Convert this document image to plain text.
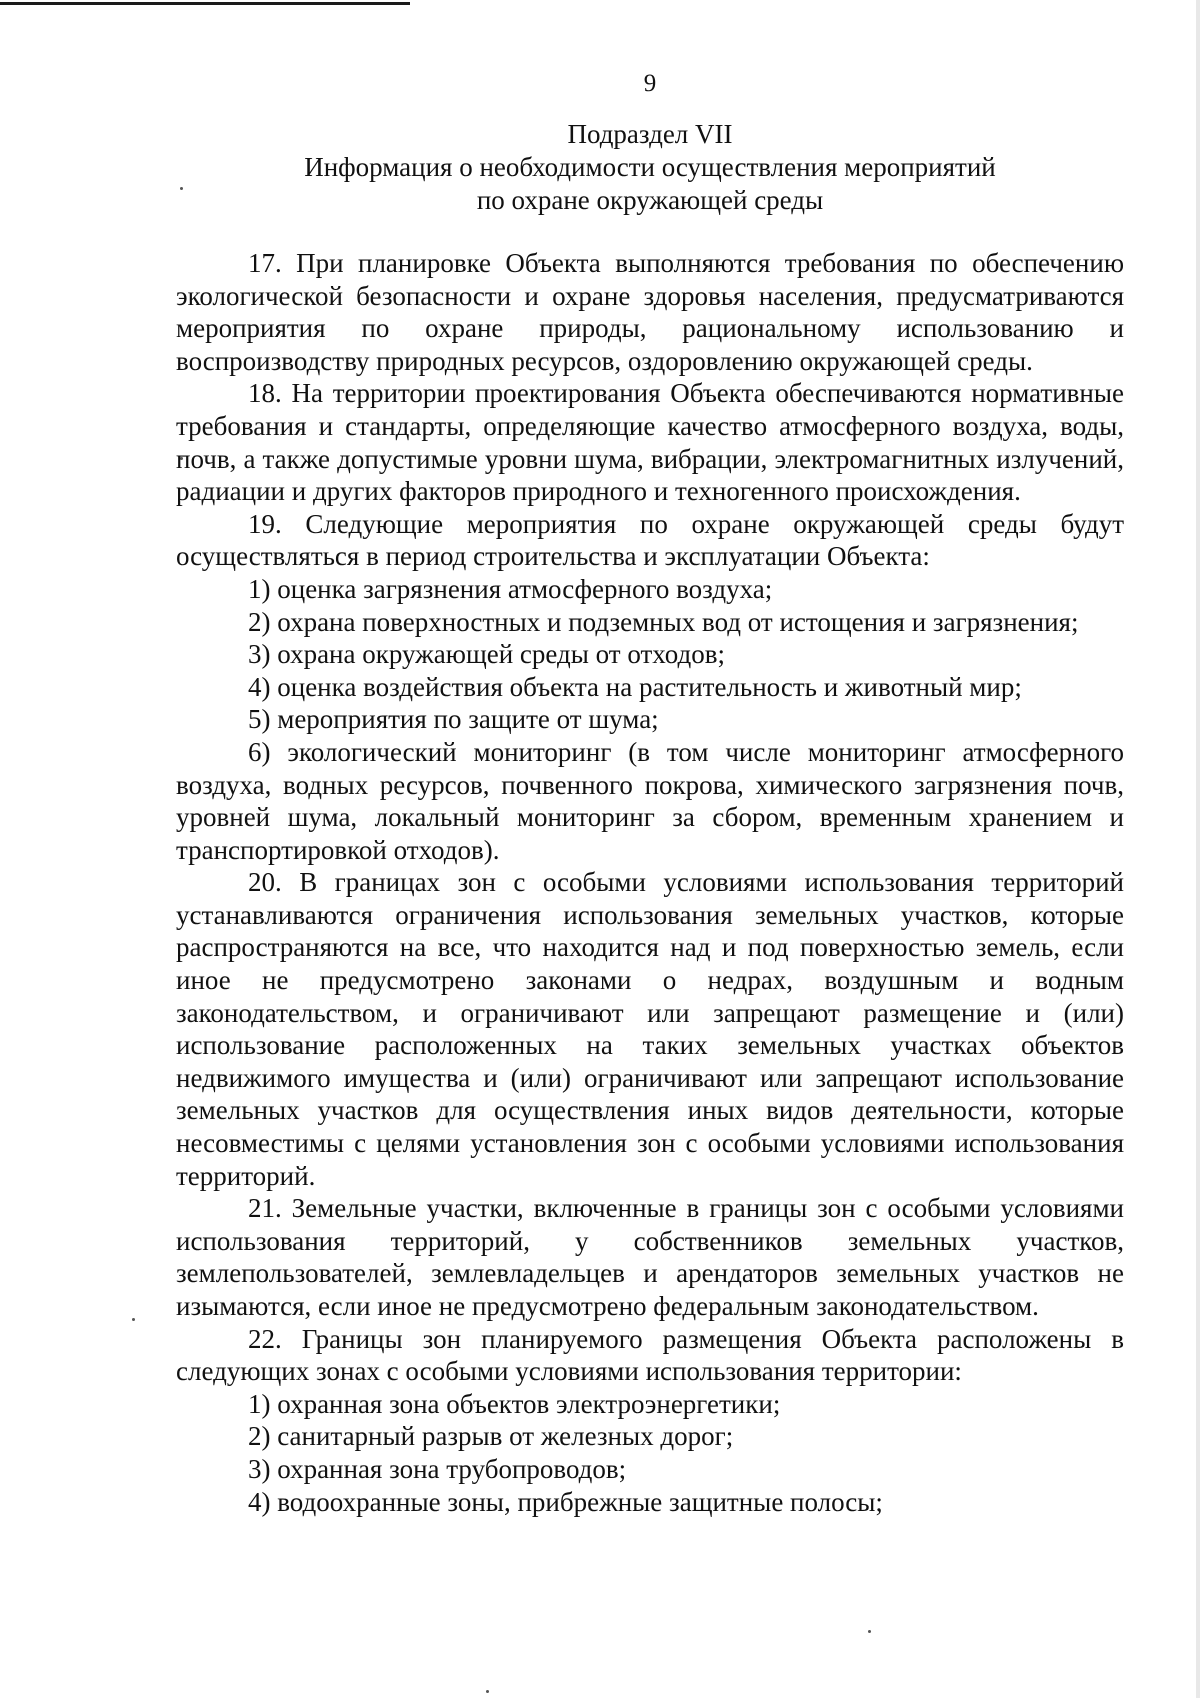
9
Подраздел VII
Информация о необходимости осуществления мероприятий
по охране окружающей среды

17. При планировке Объекта выполняются требования по обеспечению экологической безопасности и охране здоровья населения, предусматриваются мероприятия по охране природы, рациональному использованию и воспроизводству природных ресурсов, оздоровлению окружающей среды.

18. На территории проектирования Объекта обеспечиваются нормативные требования и стандарты, определяющие качество атмосферного воздуха, воды, почв, а также допустимые уровни шума, вибрации, электромагнитных излучений, радиации и других факторов природного и техногенного происхождения.

19. Следующие мероприятия по охране окружающей среды будут осуществляться в период строительства и эксплуатации Объекта:

1) оценка загрязнения атмосферного воздуха;

2) охрана поверхностных и подземных вод от истощения и загрязнения;

3) охрана окружающей среды от отходов;

4) оценка воздействия объекта на растительность и животный мир;

5) мероприятия по защите от шума;

6) экологический мониторинг (в том числе мониторинг атмосферного воздуха, водных ресурсов, почвенного покрова, химического загрязнения почв, уровней шума, локальный мониторинг за сбором, временным хранением и транспортировкой отходов).

20. В границах зон с особыми условиями использования территорий устанавливаются ограничения использования земельных участков, которые распространяются на все, что находится над и под поверхностью земель, если иное не предусмотрено законами о недрах, воздушным и водным законодательством, и ограничивают или запрещают размещение и (или) использование расположенных на таких земельных участках объектов недвижимого имущества и (или) ограничивают или запрещают использование земельных участков для осуществления иных видов деятельности, которые несовместимы с целями установления зон с особыми условиями использования территорий.

21. Земельные участки, включенные в границы зон с особыми условиями использования территорий, у собственников земельных участков, землепользователей, землевладельцев и арендаторов земельных участков не изымаются, если иное не предусмотрено федеральным законодательством.

22. Границы зон планируемого размещения Объекта расположены в следующих зонах с особыми условиями использования территории:

1) охранная зона объектов электроэнергетики;

2) санитарный разрыв от железных дорог;

3) охранная зона трубопроводов;

4) водоохранные зоны, прибрежные защитные полосы;
